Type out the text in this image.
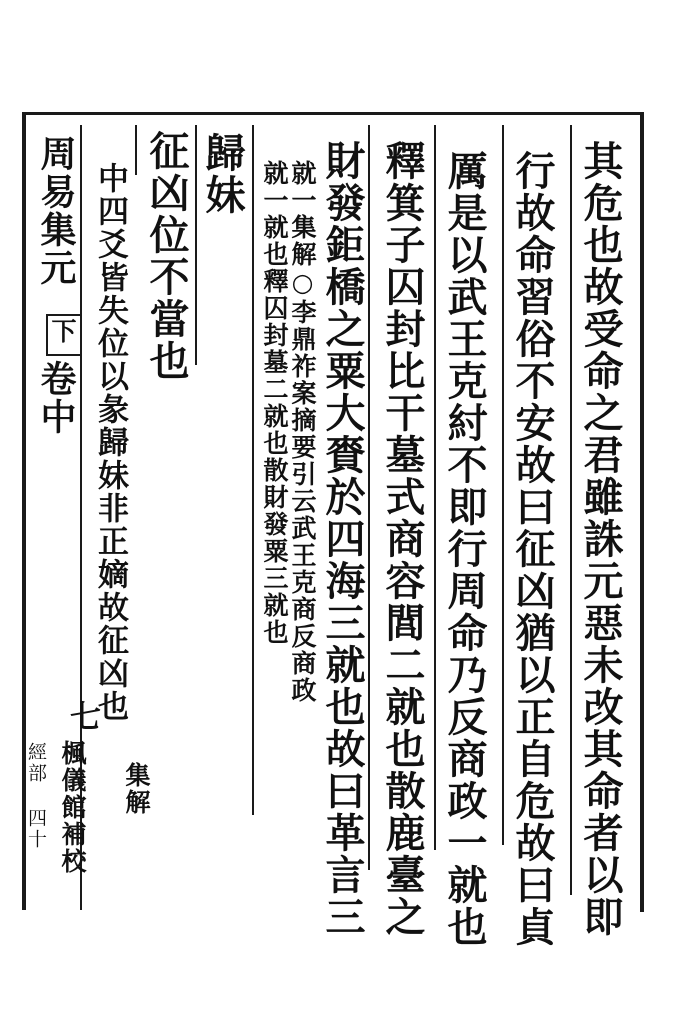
其危也故受命之君雖誅元惡未改其命者以即
行故命習俗不安故曰征凶猶以正自危故曰貞
厲是以武王克紂不即行周命乃反商政一就也
釋箕子囚封比干墓式商容閭二就也散鹿臺之
財發鉅橋之粟大賚於四海三就也故曰革言三
就一集解○李鼎祚案摘要引云武王克商反商政
就一就也釋囚封墓二就也散財發粟三就也
歸妹
征凶位不當也
中四爻皆失位以彖歸妹非正嫡故征凶也
集解
周易集元
下
卷中
七
楓儀館補校
經部 四十
